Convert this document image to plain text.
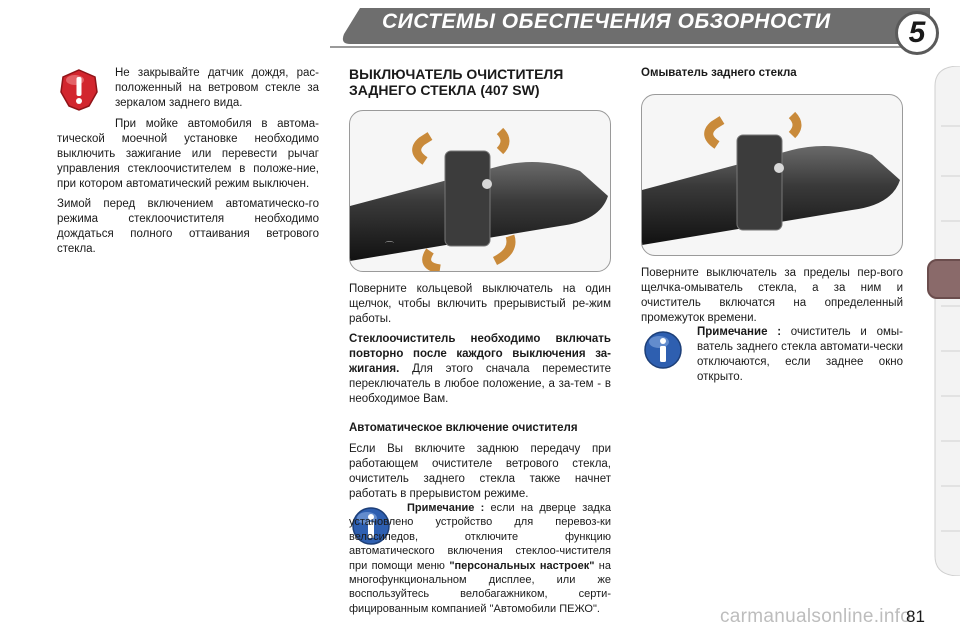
СИСТЕМЫ ОБЕСПЕЧЕНИЯ ОБЗОРНОСТИ	5

Не закрывайте датчик дождя, рас-положенный на ветровом стекле за зеркалом заднего вида.

При мойке автомобиля в автома-тической моечной установке необходимо выключить зажигание или перевести рычаг управления стеклоочистителем в положе-ние, при котором автоматический режим выключен.

Зимой перед включением автоматическо-го режима стеклоочистителя необходимо дождаться полного оттаивания ветрового стекла.

ВЫКЛЮЧАТЕЛЬ ОЧИСТИТЕЛЯ ЗАДНЕГО СТЕКЛА (407 SW)
⌒

Поверните кольцевой выключатель на один щелчок, чтобы включить прерывистый ре-жим работы.

Стеклоочиститель необходимо включать повторно после каждого выключения за-жигания. Для этого сначала переместите переключатель в любое положение, а за-тем - в необходимое Вам.

Автоматическое включение очистителя

Если Вы включите заднюю передачу при работающем очистителе ветрового стекла, очиститель заднего стекла также начнет работать в прерывистом режиме.

Примечание : если на дверце задка установлено устройство для перевоз-ки велосипедов, отключите функцию автоматического включения стеклоо-чистителя при помощи меню "персональных настроек" на многофункциональном дисплее, или же воспользуйтесь велобагажником, серти-фицированным компанией "Автомобили ПЕЖО".

Омыватель заднего стекла

Поверните выключатель за пределы пер-вого щелчка-омыватель стекла, а за ним и очиститель включатся на определенный промежуток времени.

Примечание : очиститель и омы-ватель заднего стекла автомати-чески отключаются, если заднее окно открыто.

carmanualsonline.info
81
